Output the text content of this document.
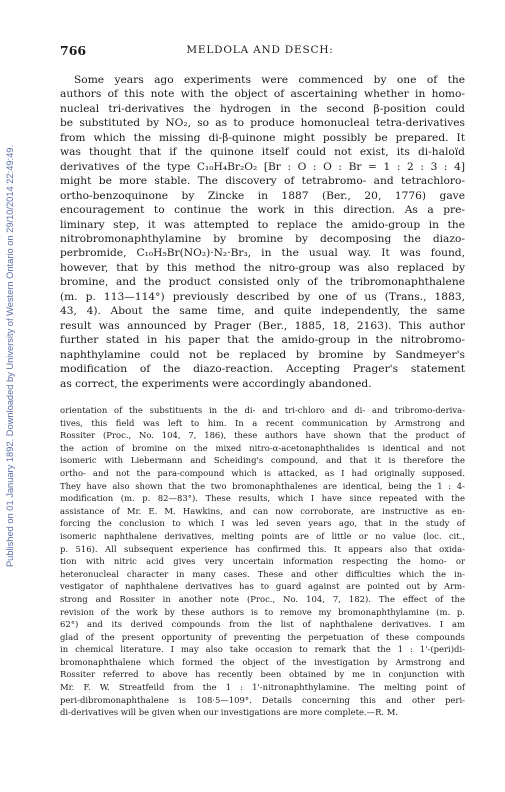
Published on 01 January 1892. Downloaded by University of Western Ontario on 29/10/2014 22:49:49.
766	MELDOLA AND DESCH:
Some years ago experiments were commenced by one of the
authors of this note with the object of ascertaining whether in homo-
nucleal tri-derivatives the hydrogen in the second β-position could
be substituted by NO₂, so as to produce homonucleal tetra-derivatives
from which the missing di-β-quinone might possibly be prepared. It
was thought that if the quinone itself could not exist, its di-haloïd
derivatives of the type C₁₀H₄Br₂O₂ [Br : O : O : Br = 1 : 2 : 3 : 4]
might be more stable. The discovery of tetrabromo- and tetrachloro-
ortho-benzoquinone by Zincke in 1887 (Ber., 20, 1776) gave
encouragement to continue the work in this direction. As a pre-
liminary step, it was attempted to replace the amido-group in the
nitrobromonaphthylamine by bromine by decomposing the diazo-
perbromide, C₁₀H₅Br(NO₂)·N₂·Br₃, in the usual way. It was found,
however, that by this method the nitro-group was also replaced by
bromine, and the product consisted only of the tribromonaphthalene
(m. p. 113—114°) previously described by one of us (Trans., 1883,
43, 4). About the same time, and quite independently, the same
result was announced by Prager (Ber., 1885, 18, 2163). This author
further stated in his paper that the amido-group in the nitrobromo-
naphthylamine could not be replaced by bromine by Sandmeyer's
modification of the diazo-reaction. Accepting Prager's statement
as correct, the experiments were accordingly abandoned.
orientation of the substituents in the di- and tri-chloro and di- and tribromo-deriva-
tives, this field was left to him. In a recent communication by Armstrong and
Rossiter (Proc., No. 104, 7, 186), these authors have shown that the product of
the action of bromine on the mixed nitro-α-acetonaphthalides is identical and not
isomeric with Liebermann and Scheiding's compound, and that it is therefore the
ortho- and not the para-compound which is attacked, as I had originally supposed.
They have also shown that the two bromonaphthalenes are identical, being the 1 : 4-
modification (m. p. 82—83°). These results, which I have since repeated with the
assistance of Mr. E. M. Hawkins, and can now corroborate, are instructive as en-
forcing the conclusion to which I was led seven years ago, that in the study of
isomeric naphthalene derivatives, melting points are of little or no value (loc. cit.,
p. 516). All subsequent experience has confirmed this. It appears also that oxida-
tion with nitric acid gives very uncertain information respecting the homo- or
heteronucleal character in many cases. These and other difficulties which the in-
vestigator of naphthalene derivatives has to guard against are pointed out by Arm-
strong and Rossiter in another note (Proc., No. 104, 7, 182). The effect of the
revision of the work by these authors is to remove my bromonaphthylamine (m. p.
62°) and its derived compounds from the list of naphthalene derivatives. I am
glad of the present opportunity of preventing the perpetuation of these compounds
in chemical literature. I may also take occasion to remark that the 1 : 1'-(peri)di-
bromonaphthalene which formed the object of the investigation by Armstrong and
Rossiter referred to above has recently been obtained by me in conjunction with
Mr. F. W. Streatfeild from the 1 : 1'-nitronaphthylamine. The melting point of
peri-dibromonaphthalene is 108·5—109°. Details concerning this and other peri-
di-derivatives will be given when our investigations are more complete.—R. M.
